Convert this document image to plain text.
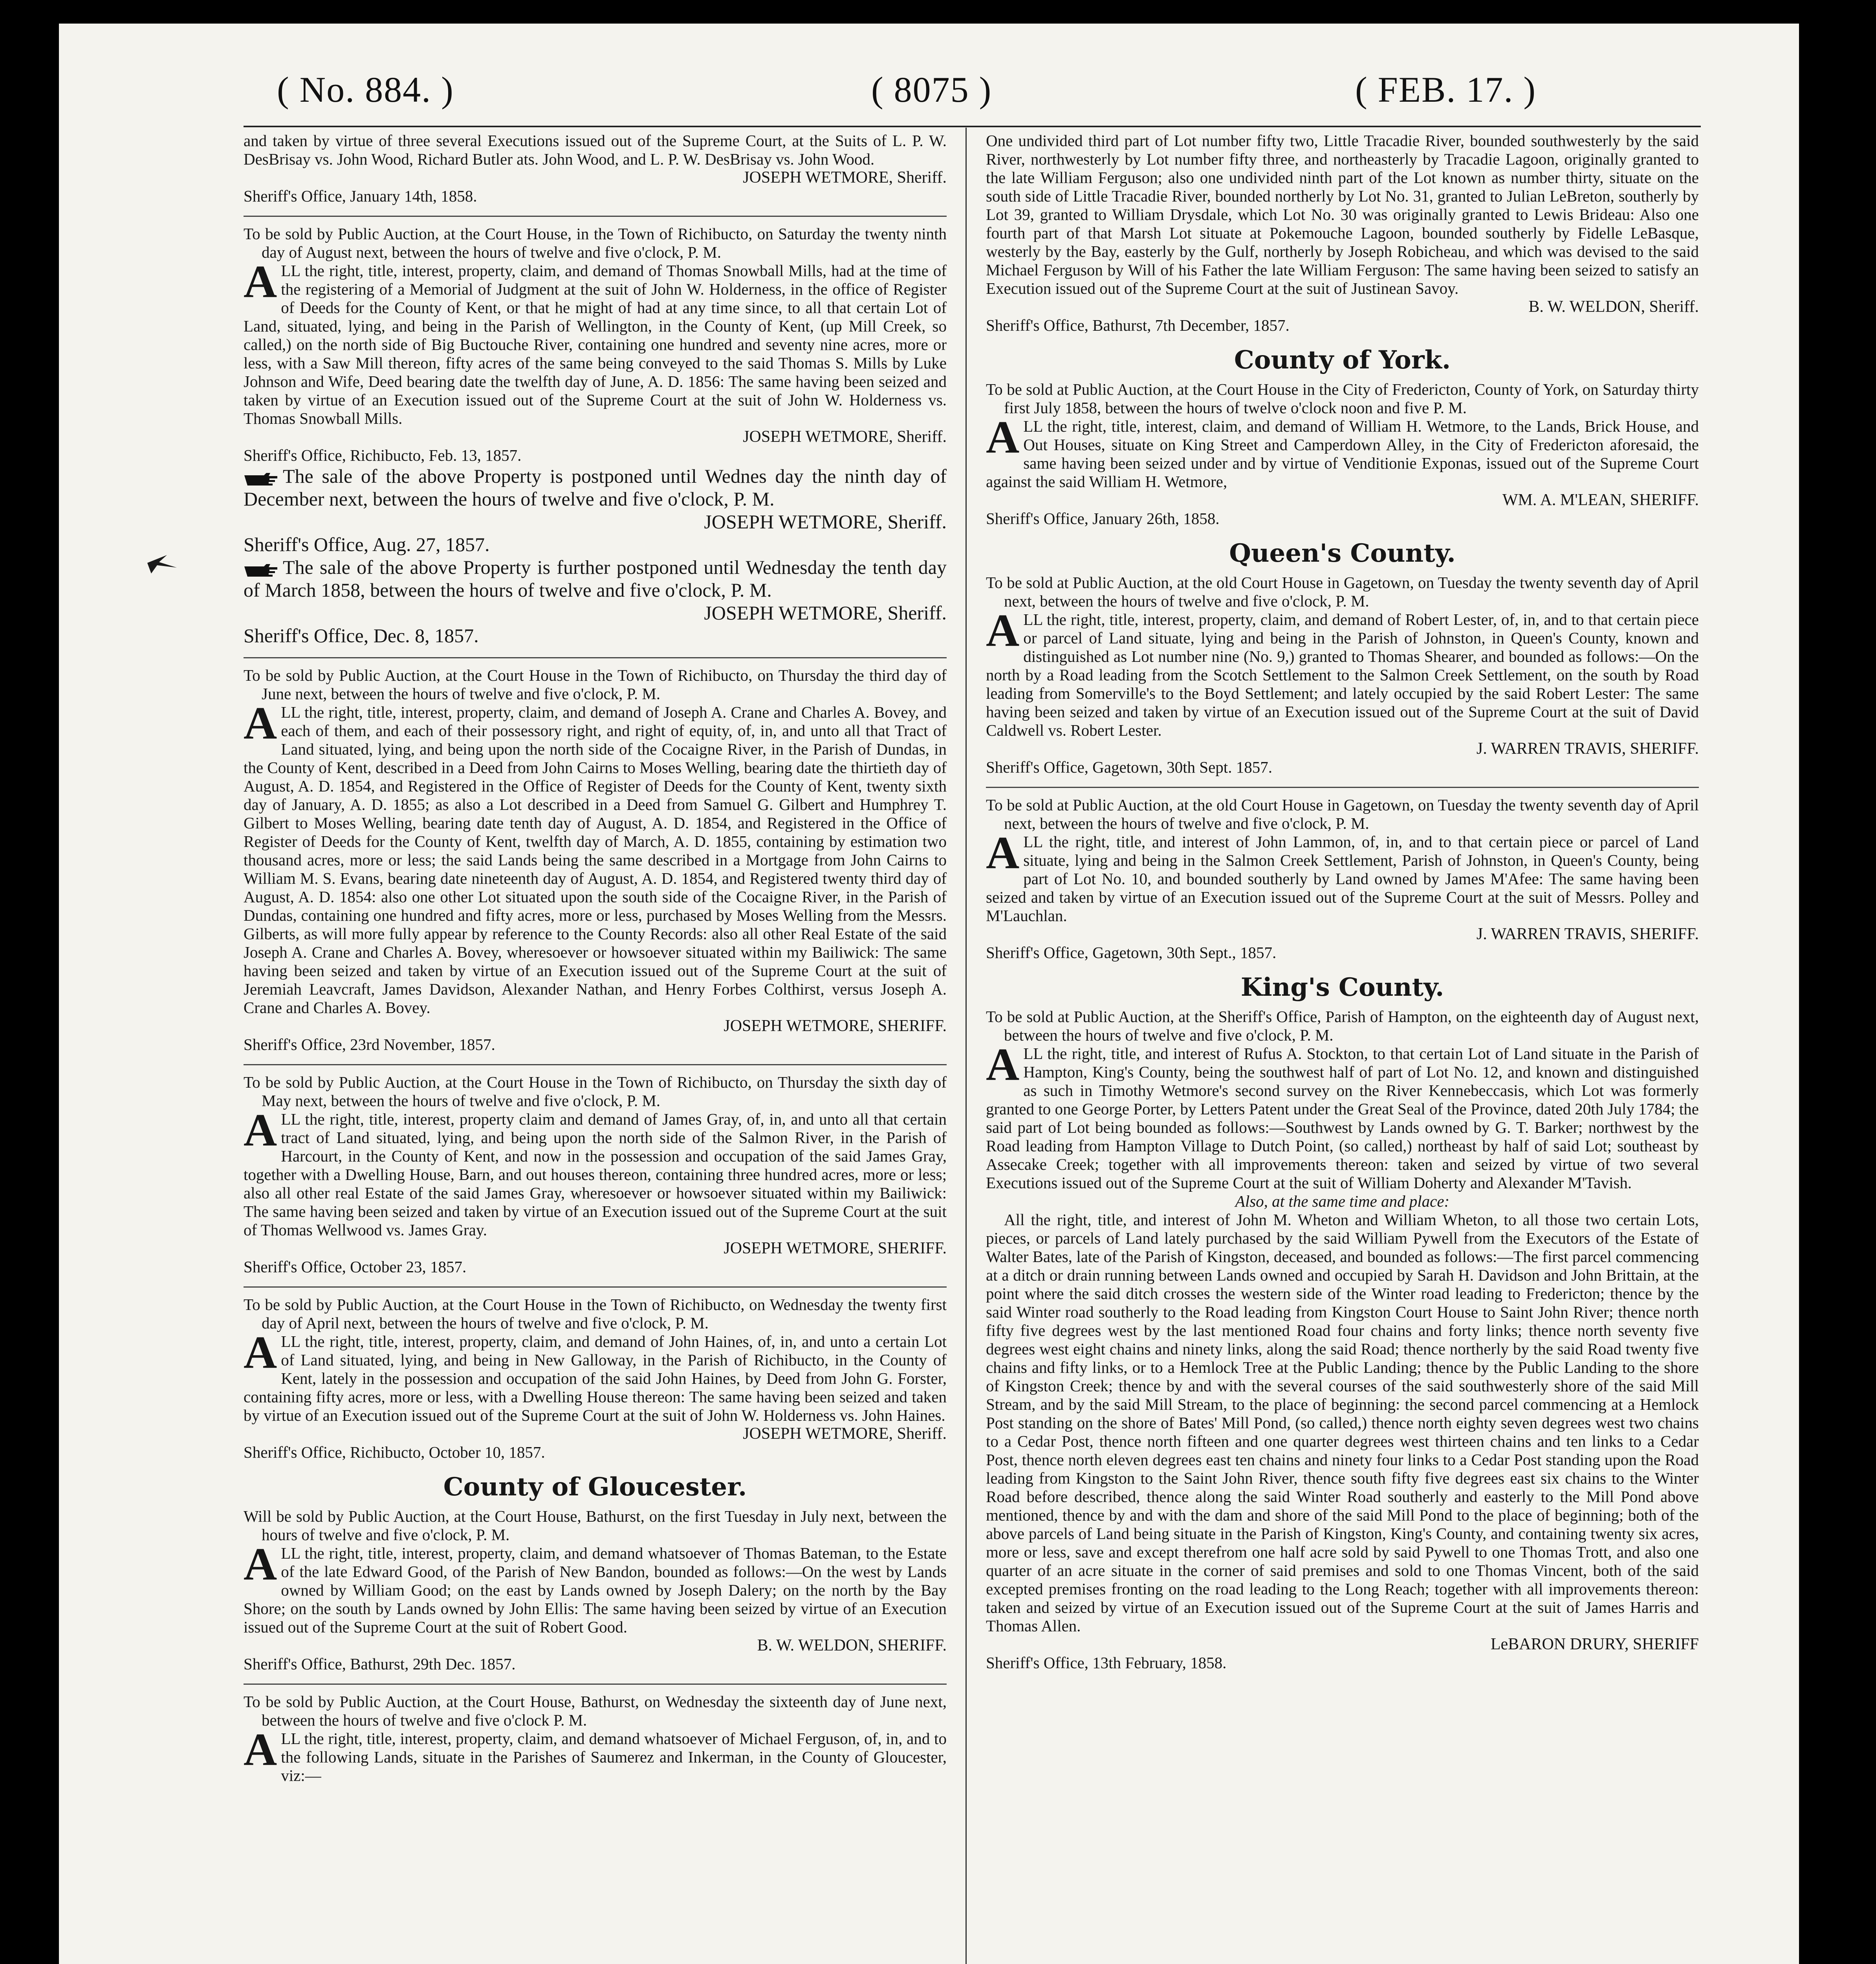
( No. 884. )	( 8075 )	( FEB. 17. )

and taken by virtue of three several Executions issued out of the Supreme Court, at the Suits of L. P. W. DesBrisay vs. John Wood, Richard Butler ats. John Wood, and L. P. W. DesBrisay vs. John Wood.

JOSEPH WETMORE, Sheriff.

Sheriff's Office, January 14th, 1858.

To be sold by Public Auction, at the Court House, in the Town of Richibucto, on Saturday the twenty ninth day of August next, between the hours of twelve and five o'clock, P. M.

ALL the right, title, interest, property, claim, and demand of Thomas Snowball Mills, had at the time of the registering of a Memorial of Judgment at the suit of John W. Holderness, in the office of Register of Deeds for the County of Kent, or that he might of had at any time since, to all that certain Lot of Land, situated, lying, and being in the Parish of Wellington, in the County of Kent, (up Mill Creek, so called,) on the north side of Big Buctouche River, containing one hundred and seventy nine acres, more or less, with a Saw Mill thereon, fifty acres of the same being conveyed to the said Thomas S. Mills by Luke Johnson and Wife, Deed bearing date the twelfth day of June, A. D. 1856: The same having been seized and taken by virtue of an Execution issued out of the Supreme Court at the suit of John W. Holderness vs. Thomas Snowball Mills.

JOSEPH WETMORE, Sheriff.

Sheriff's Office, Richibucto, Feb. 13, 1857.

The sale of the above Property is postponed until Wednes day the ninth day of December next, between the hours of twelve and five o'clock, P. M.

JOSEPH WETMORE, Sheriff.

Sheriff's Office, Aug. 27, 1857.

The sale of the above Property is further postponed until Wednesday the tenth day of March 1858, between the hours of twelve and five o'clock, P. M.

JOSEPH WETMORE, Sheriff.

Sheriff's Office, Dec. 8, 1857.

To be sold by Public Auction, at the Court House in the Town of Richibucto, on Thursday the third day of June next, between the hours of twelve and five o'clock, P. M.

ALL the right, title, interest, property, claim, and demand of Joseph A. Crane and Charles A. Bovey, and each of them, and each of their possessory right, and right of equity, of, in, and unto all that Tract of Land situated, lying, and being upon the north side of the Cocaigne River, in the Parish of Dundas, in the County of Kent, described in a Deed from John Cairns to Moses Welling, bearing date the thirtieth day of August, A. D. 1854, and Registered in the Office of Register of Deeds for the County of Kent, twenty sixth day of January, A. D. 1855; as also a Lot described in a Deed from Samuel G. Gilbert and Humphrey T. Gilbert to Moses Welling, bearing date tenth day of August, A. D. 1854, and Registered in the Office of Register of Deeds for the County of Kent, twelfth day of March, A. D. 1855, containing by estimation two thousand acres, more or less; the said Lands being the same described in a Mortgage from John Cairns to William M. S. Evans, bearing date nineteenth day of August, A. D. 1854, and Registered twenty third day of August, A. D. 1854: also one other Lot situated upon the south side of the Cocaigne River, in the Parish of Dundas, containing one hundred and fifty acres, more or less, purchased by Moses Welling from the Messrs. Gilberts, as will more fully appear by reference to the County Records: also all other Real Estate of the said Joseph A. Crane and Charles A. Bovey, wheresoever or howsoever situated within my Bailiwick: The same having been seized and taken by virtue of an Execution issued out of the Supreme Court at the suit of Jeremiah Leavcraft, James Davidson, Alexander Nathan, and Henry Forbes Colthirst, versus Joseph A. Crane and Charles A. Bovey.

JOSEPH WETMORE, SHERIFF.

Sheriff's Office, 23rd November, 1857.

To be sold by Public Auction, at the Court House in the Town of Richibucto, on Thursday the sixth day of May next, between the hours of twelve and five o'clock, P. M.

ALL the right, title, interest, property claim and demand of James Gray, of, in, and unto all that certain tract of Land situated, lying, and being upon the north side of the Salmon River, in the Parish of Harcourt, in the County of Kent, and now in the possession and occupation of the said James Gray, together with a Dwelling House, Barn, and out houses thereon, containing three hundred acres, more or less; also all other real Estate of the said James Gray, wheresoever or howsoever situated within my Bailiwick: The same having been seized and taken by virtue of an Execution issued out of the Supreme Court at the suit of Thomas Wellwood vs. James Gray.

JOSEPH WETMORE, SHERIFF.

Sheriff's Office, October 23, 1857.

To be sold by Public Auction, at the Court House in the Town of Richibucto, on Wednesday the twenty first day of April next, between the hours of twelve and five o'clock, P. M.

ALL the right, title, interest, property, claim, and demand of John Haines, of, in, and unto a certain Lot of Land situated, lying, and being in New Galloway, in the Parish of Richibucto, in the County of Kent, lately in the possession and occupation of the said John Haines, by Deed from John G. Forster, containing fifty acres, more or less, with a Dwelling House thereon: The same having been seized and taken by virtue of an Execution issued out of the Supreme Court at the suit of John W. Holderness vs. John Haines.

JOSEPH WETMORE, Sheriff.

Sheriff's Office, Richibucto, October 10, 1857.

County of Gloucester.

Will be sold by Public Auction, at the Court House, Bathurst, on the first Tuesday in July next, between the hours of twelve and five o'clock, P. M.

ALL the right, title, interest, property, claim, and demand whatsoever of Thomas Bateman, to the Estate of the late Edward Good, of the Parish of New Bandon, bounded as follows:—On the west by Lands owned by William Good; on the east by Lands owned by Joseph Dalery; on the north by the Bay Shore; on the south by Lands owned by John Ellis: The same having been seized by virtue of an Execution issued out of the Supreme Court at the suit of Robert Good.

B. W. WELDON, SHERIFF.

Sheriff's Office, Bathurst, 29th Dec. 1857.

To be sold by Public Auction, at the Court House, Bathurst, on Wednesday the sixteenth day of June next, between the hours of twelve and five o'clock P. M.

ALL the right, title, interest, property, claim, and demand whatsoever of Michael Ferguson, of, in, and to the following Lands, situate in the Parishes of Saumerez and Inkerman, in the County of Gloucester, viz:—

One undivided third part of Lot number fifty two, Little Tracadie River, bounded southwesterly by the said River, northwesterly by Lot number fifty three, and northeasterly by Tracadie Lagoon, originally granted to the late William Ferguson; also one undivided ninth part of the Lot known as number thirty, situate on the south side of Little Tracadie River, bounded northerly by Lot No. 31, granted to Julian LeBreton, southerly by Lot 39, granted to William Drysdale, which Lot No. 30 was originally granted to Lewis Brideau: Also one fourth part of that Marsh Lot situate at Pokemouche Lagoon, bounded southerly by Fidelle LeBasque, westerly by the Bay, easterly by the Gulf, northerly by Joseph Robicheau, and which was devised to the said Michael Ferguson by Will of his Father the late William Ferguson: The same having been seized to satisfy an Execution issued out of the Supreme Court at the suit of Justinean Savoy.

B. W. WELDON, Sheriff.

Sheriff's Office, Bathurst, 7th December, 1857.

County of York.

To be sold at Public Auction, at the Court House in the City of Fredericton, County of York, on Saturday thirty first July 1858, between the hours of twelve o'clock noon and five P. M.

ALL the right, title, interest, claim, and demand of William H. Wetmore, to the Lands, Brick House, and Out Houses, situate on King Street and Camperdown Alley, in the City of Fredericton aforesaid, the same having been seized under and by virtue of Venditionie Exponas, issued out of the Supreme Court against the said William H. Wetmore,

WM. A. M'LEAN, SHERIFF.

Sheriff's Office, January 26th, 1858.

Queen's County.

To be sold at Public Auction, at the old Court House in Gagetown, on Tuesday the twenty seventh day of April next, between the hours of twelve and five o'clock, P. M.

ALL the right, title, interest, property, claim, and demand of Robert Lester, of, in, and to that certain piece or parcel of Land situate, lying and being in the Parish of Johnston, in Queen's County, known and distinguished as Lot number nine (No. 9,) granted to Thomas Shearer, and bounded as follows:—On the north by a Road leading from the Scotch Settlement to the Salmon Creek Settlement, on the south by Road leading from Somerville's to the Boyd Settlement; and lately occupied by the said Robert Lester: The same having been seized and taken by virtue of an Execution issued out of the Supreme Court at the suit of David Caldwell vs. Robert Lester.

J. WARREN TRAVIS, SHERIFF.

Sheriff's Office, Gagetown, 30th Sept. 1857.

To be sold at Public Auction, at the old Court House in Gagetown, on Tuesday the twenty seventh day of April next, between the hours of twelve and five o'clock, P. M.

ALL the right, title, and interest of John Lammon, of, in, and to that certain piece or parcel of Land situate, lying and being in the Salmon Creek Settlement, Parish of Johnston, in Queen's County, being part of Lot No. 10, and bounded southerly by Land owned by James M'Afee: The same having been seized and taken by virtue of an Execution issued out of the Supreme Court at the suit of Messrs. Polley and M'Lauchlan.

J. WARREN TRAVIS, SHERIFF.

Sheriff's Office, Gagetown, 30th Sept., 1857.

King's County.

To be sold at Public Auction, at the Sheriff's Office, Parish of Hampton, on the eighteenth day of August next, between the hours of twelve and five o'clock, P. M.

ALL the right, title, and interest of Rufus A. Stockton, to that certain Lot of Land situate in the Parish of Hampton, King's County, being the southwest half of part of Lot No. 12, and known and distinguished as such in Timothy Wetmore's second survey on the River Kennebeccasis, which Lot was formerly granted to one George Porter, by Letters Patent under the Great Seal of the Province, dated 20th July 1784; the said part of Lot being bounded as follows:—Southwest by Lands owned by G. T. Barker; northwest by the Road leading from Hampton Village to Dutch Point, (so called,) northeast by half of said Lot; southeast by Assecake Creek; together with all improvements thereon: taken and seized by virtue of two several Executions issued out of the Supreme Court at the suit of William Doherty and Alexander M'Tavish.

Also, at the same time and place:

All the right, title, and interest of John M. Wheton and William Wheton, to all those two certain Lots, pieces, or parcels of Land lately purchased by the said William Pywell from the Executors of the Estate of Walter Bates, late of the Parish of Kingston, deceased, and bounded as follows:—The first parcel commencing at a ditch or drain running between Lands owned and occupied by Sarah H. Davidson and John Brittain, at the point where the said ditch crosses the western side of the Winter road leading to Fredericton; thence by the said Winter road southerly to the Road leading from Kingston Court House to Saint John River; thence north fifty five degrees west by the last mentioned Road four chains and forty links; thence north seventy five degrees west eight chains and ninety links, along the said Road; thence northerly by the said Road twenty five chains and fifty links, or to a Hemlock Tree at the Public Landing; thence by the Public Landing to the shore of Kingston Creek; thence by and with the several courses of the said southwesterly shore of the said Mill Stream, and by the said Mill Stream, to the place of beginning: the second parcel commencing at a Hemlock Post standing on the shore of Bates' Mill Pond, (so called,) thence north eighty seven degrees west two chains to a Cedar Post, thence north fifteen and one quarter degrees west thirteen chains and ten links to a Cedar Post, thence north eleven degrees east ten chains and ninety four links to a Cedar Post standing upon the Road leading from Kingston to the Saint John River, thence south fifty five degrees east six chains to the Winter Road before described, thence along the said Winter Road southerly and easterly to the Mill Pond above mentioned, thence by and with the dam and shore of the said Mill Pond to the place of beginning; both of the above parcels of Land being situate in the Parish of Kingston, King's County, and containing twenty six acres, more or less, save and except therefrom one half acre sold by said Pywell to one Thomas Trott, and also one quarter of an acre situate in the corner of said premises and sold to one Thomas Vincent, both of the said excepted premises fronting on the road leading to the Long Reach; together with all improvements thereon: taken and seized by virtue of an Execution issued out of the Supreme Court at the suit of James Harris and Thomas Allen.

LeBARON DRURY, SHERIFF

Sheriff's Office, 13th February, 1858.
